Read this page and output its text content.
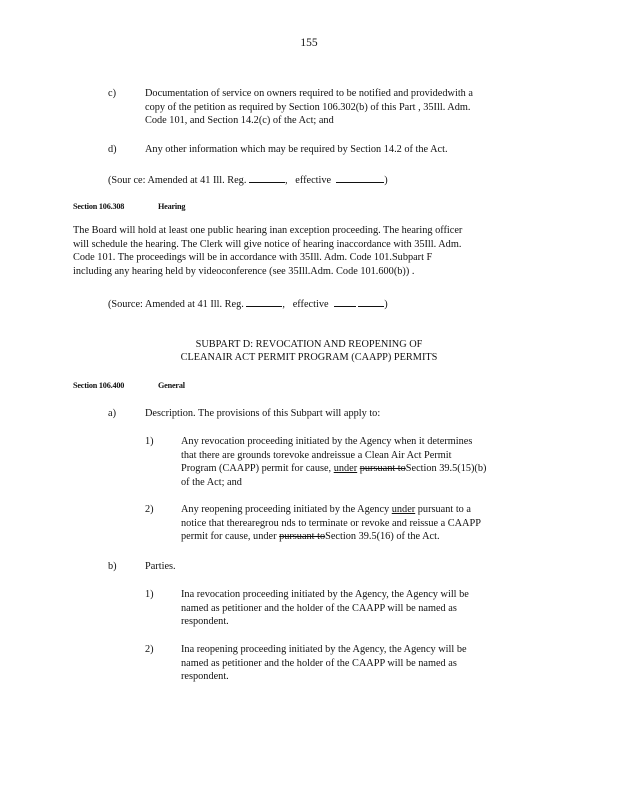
155
c)	Documentation of service on owners required to be notified and providedwith a
copy of the petition as required by Section 106.302(b) of this Part , 35Ill. Adm.
Code 101, and Section 14.2(c) of the Act; and
d)	Any other information which may be required by Section 14.2 of the Act.
(Sour ce: Amended at 41 Ill. Reg.	, effective	)
Section 106.308	Hearing
The Board will hold at least one public hearing inan exception proceeding. The hearing officer
will schedule the hearing. The Clerk will give notice of hearing inaccordance with 35Ill. Adm.
Code 101. The proceedings will be in accordance with 35Ill. Adm. Code 101.Subpart F
including any hearing held by videoconference (see 35Ill.Adm. Code 101.600(b)) .
(Source: Amended at 41 Ill. Reg.	, effective	)
SUBPART D: REVOCATION AND REOPENING OF
CLEANAIR ACT PERMIT PROGRAM (CAAPP) PERMITS
Section 106.400	General
a)	Description. The provisions of this Subpart will apply to:
1)	Any revocation proceeding initiated by the Agency when it determines
that there are grounds torevoke andreissue a Clean Air Act Permit
Program (CAAPP) permit for cause, under pursuant toSection 39.5(15)(b)
of the Act; and
2)	Any reopening proceeding initiated by the Agency under pursuant to a
notice that therearegrou nds to terminate or revoke and reissue a CAAPP
permit for cause, under pursuant toSection 39.5(16) of the Act.
b)	Parties.
1)	Ina revocation proceeding initiated by the Agency, the Agency will be
named as petitioner and the holder of the CAAPP will be named as
respondent.
2)	Ina reopening proceeding initiated by the Agency, the Agency will be
named as petitioner and the holder of the CAAPP will be named as
respondent.
